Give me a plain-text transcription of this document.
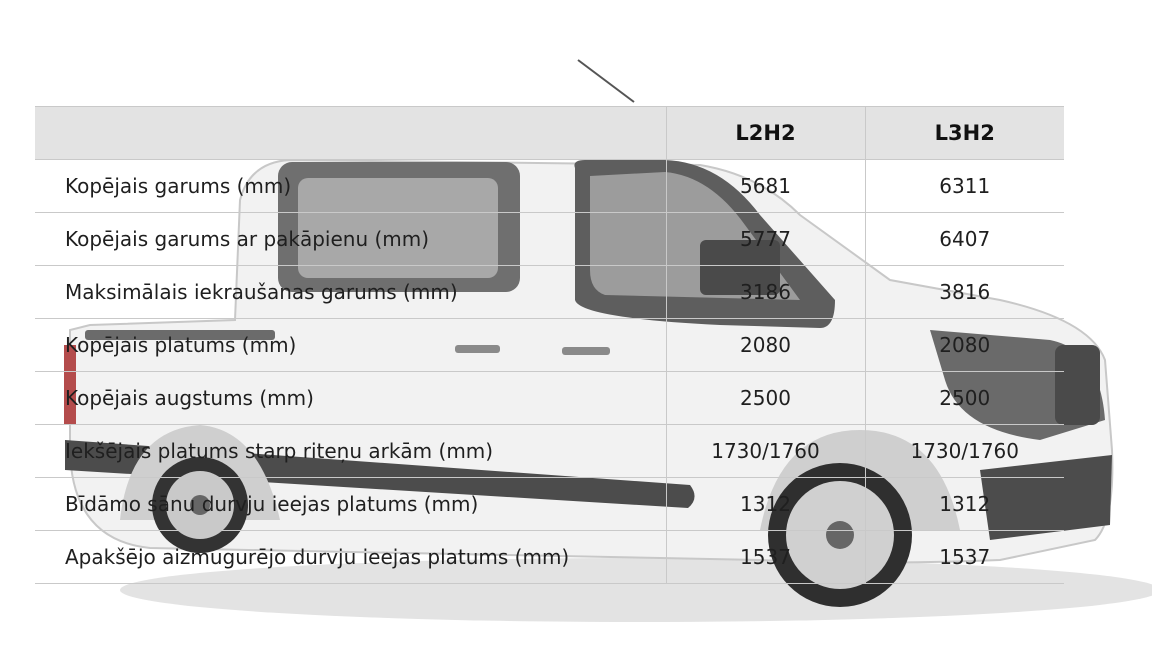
	L2H2	L3H2
Kopējais garums (mm)	5681	6311
Kopējais garums ar pakāpienu (mm)	5777	6407
Maksimālais iekraušanas garums (mm)	3186	3816
Kopējais platums (mm)	2080	2080
Kopējais augstums (mm)	2500	2500
Iekšējais platums starp riteņu arkām (mm)	1730/1760	1730/1760
Bīdāmo sānu durvju ieejas platums (mm)	1312	1312
Apakšējo aizmugurējo durvju ieejas platums (mm)	1537	1537
